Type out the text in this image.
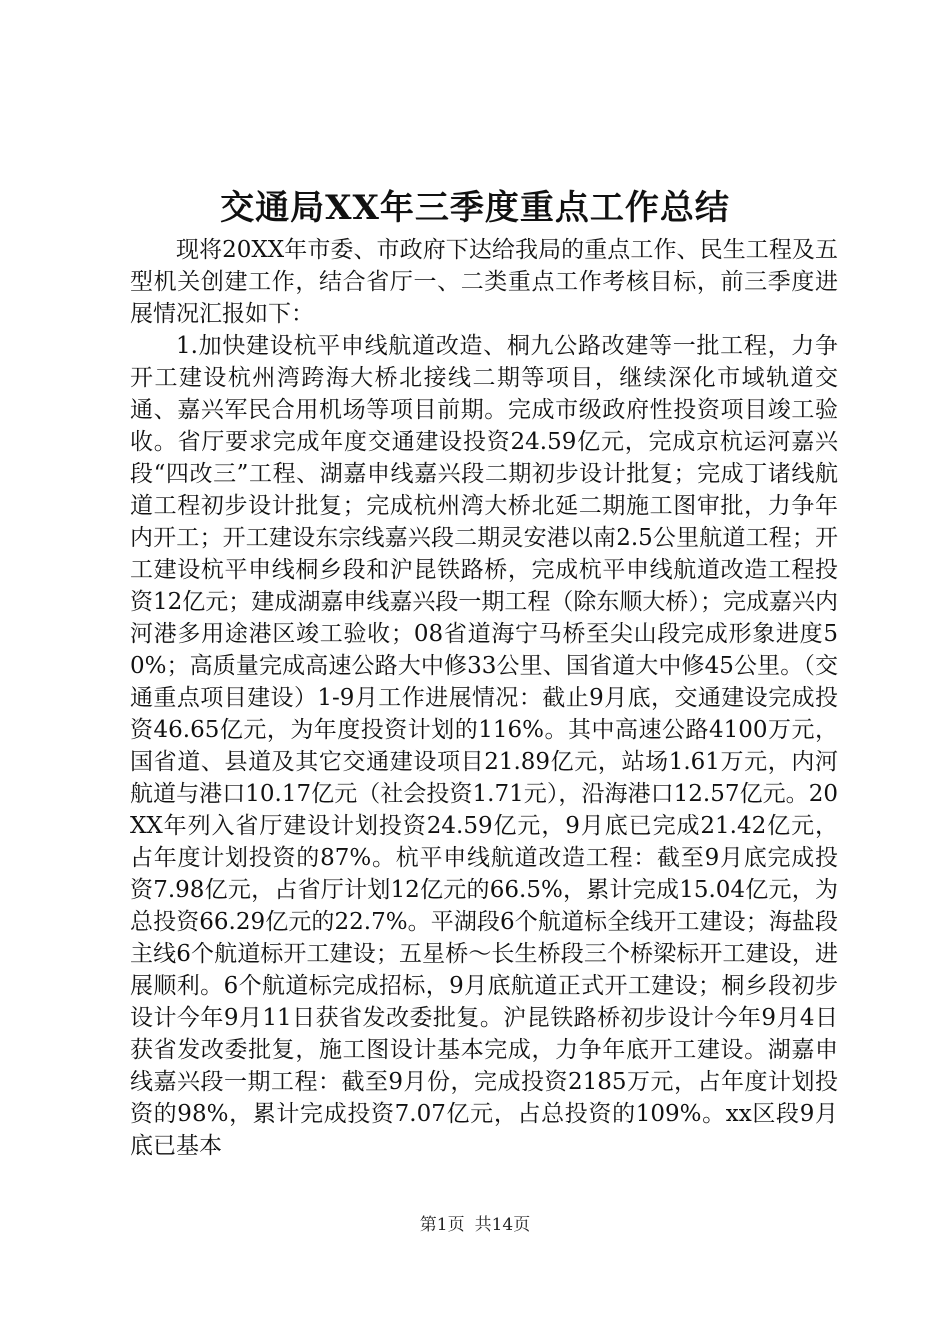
交通局XX年三季度重点工作总结

现将20XX年市委、市政府下达给我局的重点工作、民生工程及五型机关创建工作，结合省厅一、二类重点工作考核目标，前三季度进展情况汇报如下：

1.加快建设杭平申线航道改造、桐九公路改建等一批工程，力争开工建设杭州湾跨海大桥北接线二期等项目，继续深化市域轨道交通、嘉兴军民合用机场等项目前期。完成市级政府性投资项目竣工验收。省厅要求完成年度交通建设投资24.59亿元，完成京杭运河嘉兴段“四改三”工程、湖嘉申线嘉兴段二期初步设计批复；完成丁诸线航道工程初步设计批复；完成杭州湾大桥北延二期施工图审批，力争年内开工；开工建设东宗线嘉兴段二期灵安港以南2.5公里航道工程；开工建设杭平申线桐乡段和沪昆铁路桥，完成杭平申线航道改造工程投资12亿元；建成湖嘉申线嘉兴段一期工程（除东顺大桥）；完成嘉兴内河港多用途港区竣工验收；08省道海宁马桥至尖山段完成形象进度50%；高质量完成高速公路大中修33公里、国省道大中修45公里。（交通重点项目建设）1-9月工作进展情况：截止9月底，交通建设完成投资46.65亿元，为年度投资计划的116%。其中高速公路4100万元，国省道、县道及其它交通建设项目21.89亿元，站场1.61万元，内河航道与港口10.17亿元（社会投资1.71元），沿海港口12.57亿元。20XX年列入省厅建设计划投资24.59亿元，9月底已完成21.42亿元，占年度计划投资的87%。杭平申线航道改造工程：截至9月底完成投资7.98亿元，占省厅计划12亿元的66.5%，累计完成15.04亿元，为总投资66.29亿元的22.7%。平湖段6个航道标全线开工建设；海盐段主线6个航道标开工建设；五星桥～长生桥段三个桥梁标开工建设，进展顺利。6个航道标完成招标，9月底航道正式开工建设；桐乡段初步设计今年9月11日获省发改委批复。沪昆铁路桥初步设计今年9月4日获省发改委批复，施工图设计基本完成，力争年底开工建设。湖嘉申线嘉兴段一期工程：截至9月份，完成投资2185万元，占年度计划投资的98%，累计完成投资7.07亿元，占总投资的109%。xx区段9月底已基本

第1页 共14页
